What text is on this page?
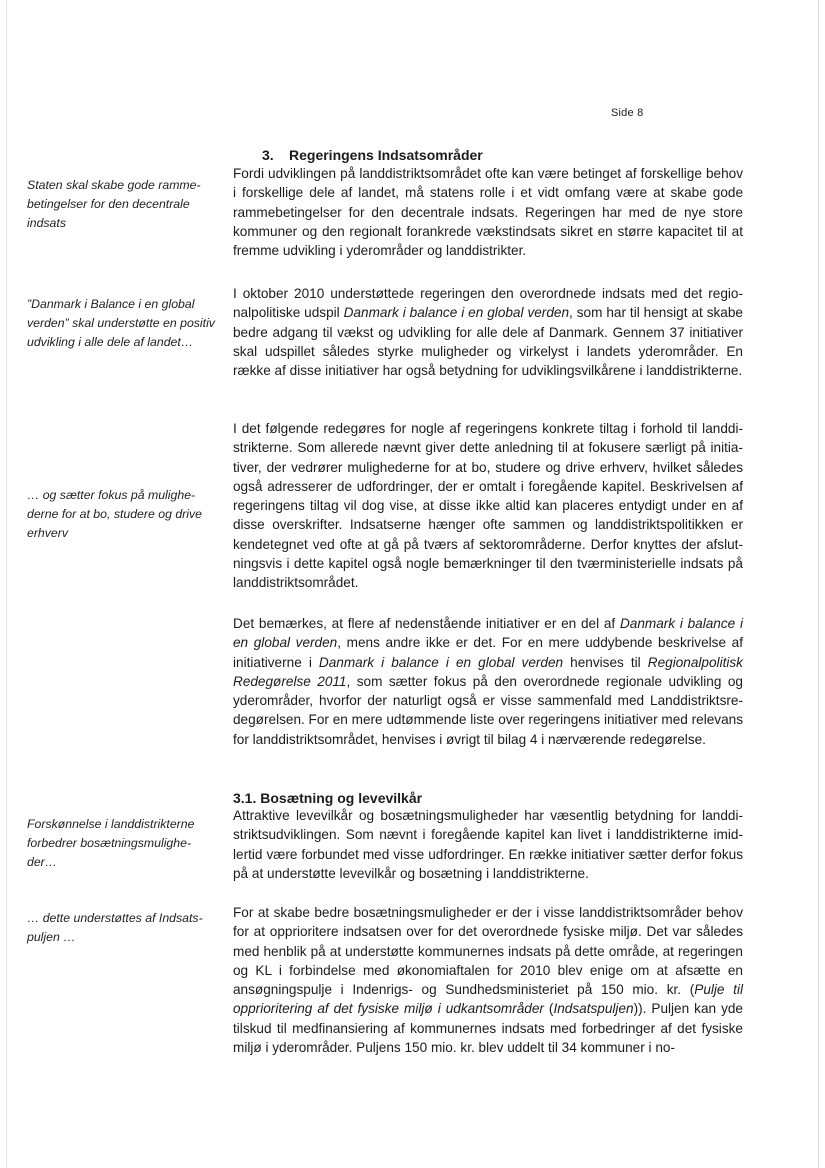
Side 8
Staten skal skabe gode rammebetingelser for den decentrale indsats
”Danmark i Balance i en global verden” skal understøtte en positiv udvikling i alle dele af landet…
… og sætter fokus på mulighederne for at bo, studere og drive erhverv
Forskønnelse i landdistrikterne forbedrer bosætningsmuligheder…
… dette understøttes af Indsatspuljen …
3. Regeringens Indsatsområder

Fordi udviklingen på landdistriktsområdet ofte kan være betinget af forskellige behov i forskellige dele af landet, må statens rolle i et vidt omfang være at skabe gode rammebetingelser for den decentrale indsats. Regeringen har med de nye store kommuner og den regionalt forankrede vækstindsats sikret en større kapacitet til at fremme udvikling i yderområder og landdistrikter.

I oktober 2010 understøttede regeringen den overordnede indsats med det regionalpolitiske udspil Danmark i balance i en global verden, som har til hensigt at skabe bedre adgang til vækst og udvikling for alle dele af Danmark. Gennem 37 initiativer skal udspillet således styrke muligheder og virkelyst i landets yderområder. En række af disse initiativer har også betydning for udviklingsvilkårene i landdistrikterne.

I det følgende redegøres for nogle af regeringens konkrete tiltag i forhold til landdistrikterne. Som allerede nævnt giver dette anledning til at fokusere særligt på initiativer, der vedrører mulighederne for at bo, studere og drive erhverv, hvilket således også adresserer de udfordringer, der er omtalt i foregående kapitel. Beskrivelsen af regeringens tiltag vil dog vise, at disse ikke altid kan placeres entydigt under en af disse overskrifter. Indsatserne hænger ofte sammen og landdistriktspolitikken er kendetegnet ved ofte at gå på tværs af sektorområderne. Derfor knyttes der afslutningsvis i dette kapitel også nogle bemærkninger til den tværministerielle indsats på landdistriktsområdet.

Det bemærkes, at flere af nedenstående initiativer er en del af Danmark i balance i en global verden, mens andre ikke er det. For en mere uddybende beskrivelse af initiativerne i Danmark i balance i en global verden henvises til Regionalpolitisk Redegørelse 2011, som sætter fokus på den overordnede regionale udvikling og yderområder, hvorfor der naturligt også er visse sammenfald med Landdistriktsredegørelsen. For en mere udtømmende liste over regeringens initiativer med relevans for landdistriktsområdet, henvises i øvrigt til bilag 4 i nærværende redegørelse.

3.1. Bosætning og levevilkår

Attraktive levevilkår og bosætningsmuligheder har væsentlig betydning for landdistriktsudviklingen. Som nævnt i foregående kapitel kan livet i landdistrikterne imidlertid være forbundet med visse udfordringer. En række initiativer sætter derfor fokus på at understøtte levevilkår og bosætning i landdistrikterne.

For at skabe bedre bosætningsmuligheder er der i visse landdistriktsområder behov for at opprioritere indsatsen over for det overordnede fysiske miljø. Det var således med henblik på at understøtte kommunernes indsats på dette område, at regeringen og KL i forbindelse med økonomiaftalen for 2010 blev enige om at afsætte en ansøgningspulje i Indenrigs- og Sundhedsministeriet på 150 mio. kr. (Pulje til opprioritering af det fysiske miljø i udkantsområder (Indsatspuljen)). Puljen kan yde tilskud til medfinansiering af kommunernes indsats med forbedringer af det fysiske miljø i yderområder. Puljens 150 mio. kr. blev uddelt til 34 kommuner i no-
